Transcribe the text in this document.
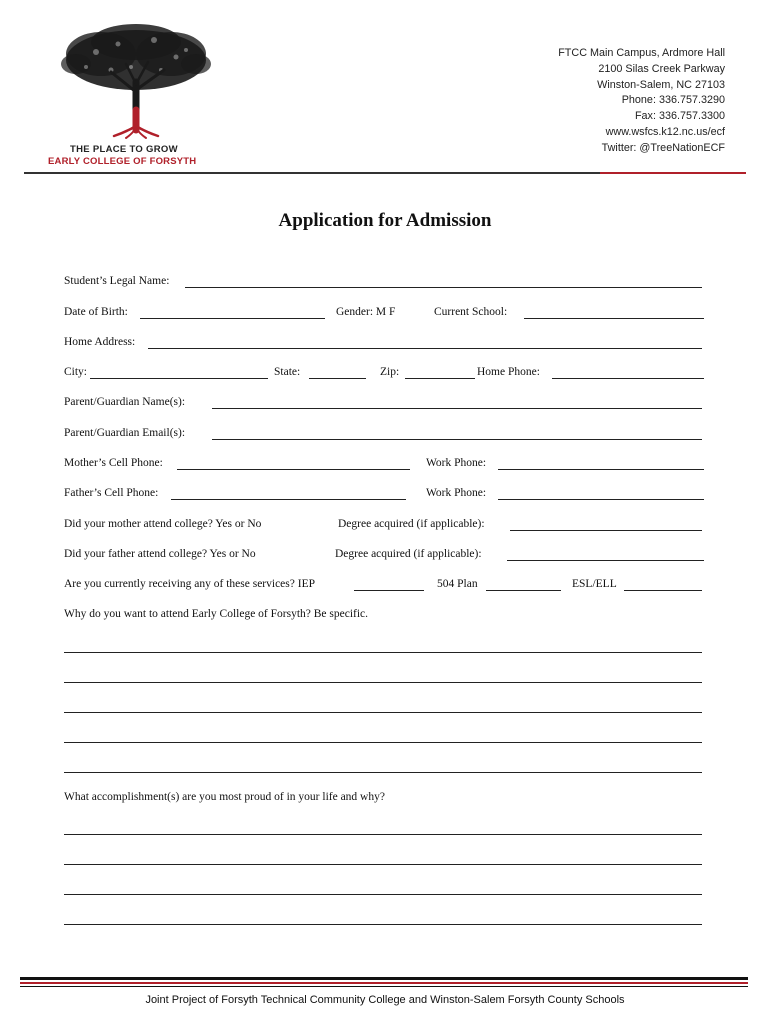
THE PLACE TO GROW
EARLY COLLEGE OF FORSYTH
FTCC Main Campus, Ardmore Hall
2100 Silas Creek Parkway
Winston-Salem, NC 27103
Phone: 336.757.3290
Fax: 336.757.3300
www.wsfcs.k12.nc.us/ecf
Twitter: @TreeNationECF
Application for Admission
Student’s Legal Name:
Date of Birth:	Gender: M F	Current School:
Home Address:
City:	State:	Zip:	Home Phone:
Parent/Guardian Name(s):
Parent/Guardian Email(s):
Mother’s Cell Phone:	Work Phone:
Father’s Cell Phone:	Work Phone:
Did your mother attend college? Yes or No	Degree acquired (if applicable):
Did your father attend college? Yes or No	Degree acquired (if applicable):
Are you currently receiving any of these services? IEP	504 Plan	ESL/ELL
Why do you want to attend Early College of Forsyth? Be specific.
What accomplishment(s) are you most proud of in your life and why?
Joint Project of Forsyth Technical Community College and Winston-Salem Forsyth County Schools
